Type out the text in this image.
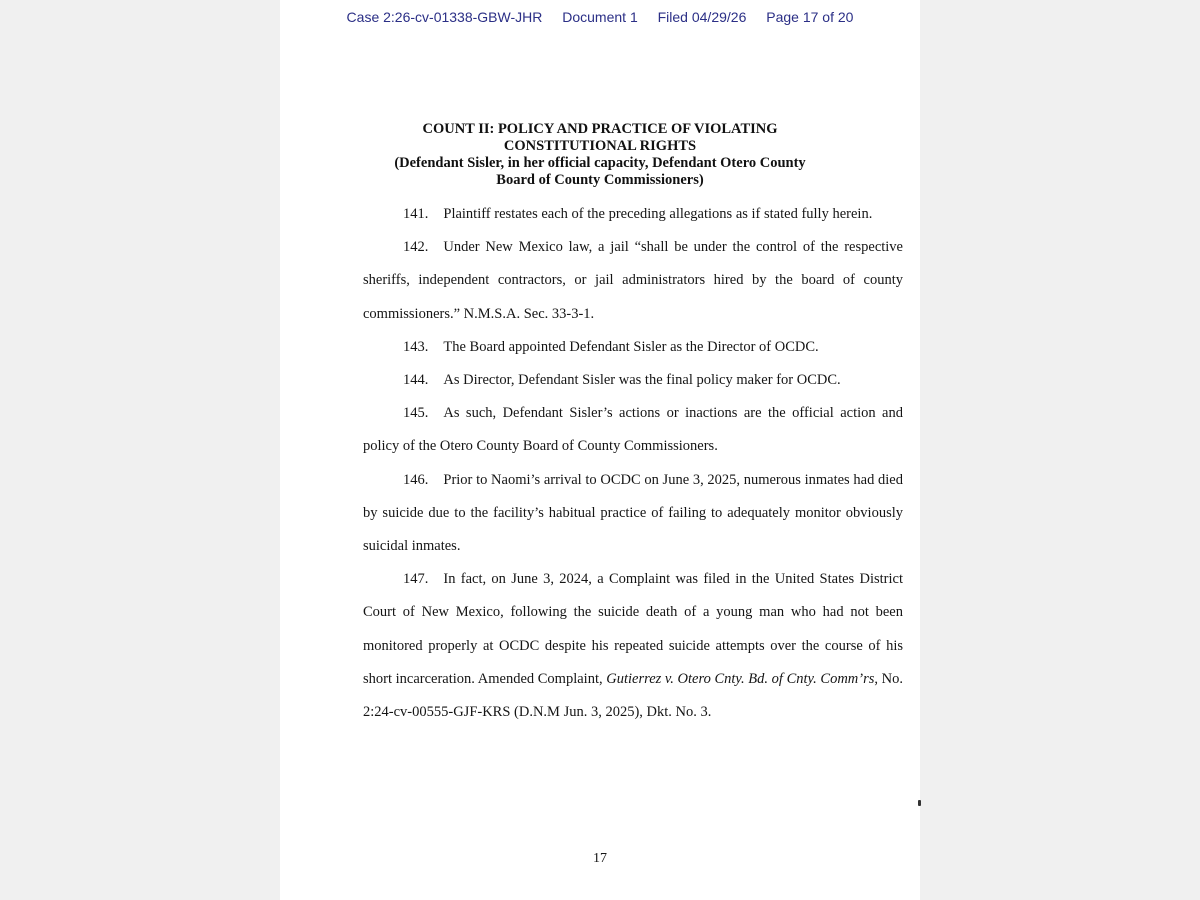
Case 2:26-cv-01338-GBW-JHR Document 1 Filed 04/29/26 Page 17 of 20
COUNT II: POLICY AND PRACTICE OF VIOLATING
CONSTITUTIONAL RIGHTS
(Defendant Sisler, in her official capacity, Defendant Otero County
Board of County Commissioners)

141. Plaintiff restates each of the preceding allegations as if stated fully herein.

142. Under New Mexico law, a jail “shall be under the control of the respective sheriffs, independent contractors, or jail administrators hired by the board of county commissioners.” N.M.S.A. Sec. 33-3-1.

143. The Board appointed Defendant Sisler as the Director of OCDC.

144. As Director, Defendant Sisler was the final policy maker for OCDC.

145. As such, Defendant Sisler’s actions or inactions are the official action and policy of the Otero County Board of County Commissioners.

146. Prior to Naomi’s arrival to OCDC on June 3, 2025, numerous inmates had died by suicide due to the facility’s habitual practice of failing to adequately monitor obviously suicidal inmates.

147. In fact, on June 3, 2024, a Complaint was filed in the United States District Court of New Mexico, following the suicide death of a young man who had not been monitored properly at OCDC despite his repeated suicide attempts over the course of his short incarceration. Amended Complaint, Gutierrez v. Otero Cnty. Bd. of Cnty. Comm’rs, No. 2:24-cv-00555-GJF-KRS (D.N.M Jun. 3, 2025), Dkt. No. 3.

17
